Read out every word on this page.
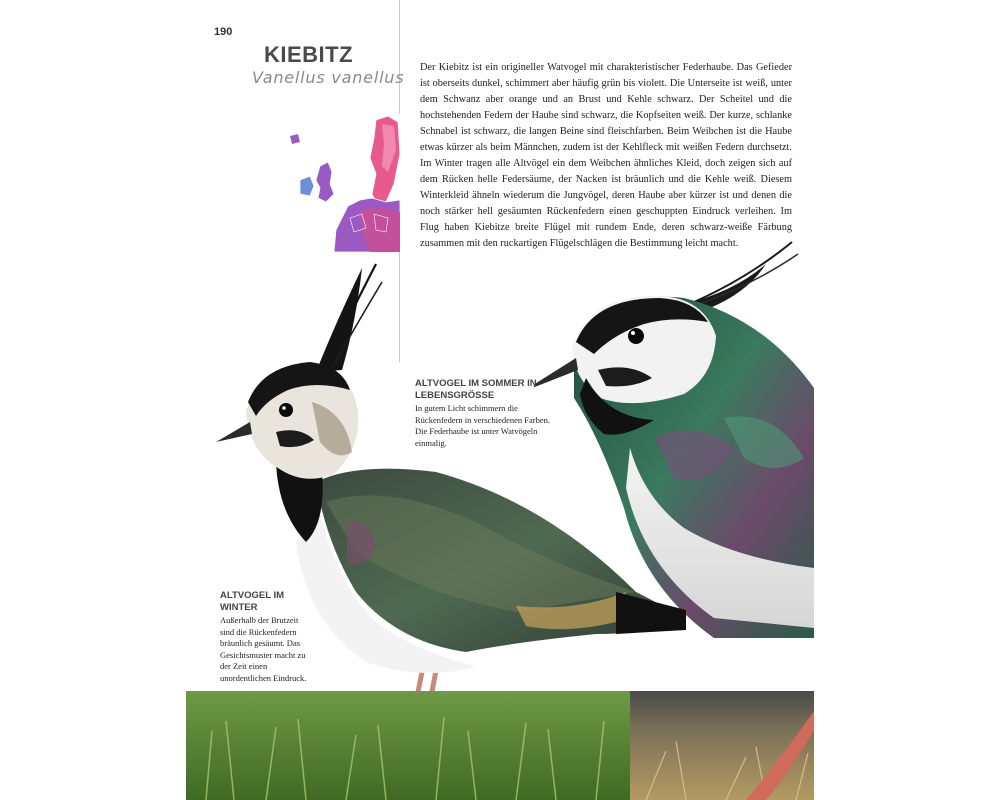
190
KIEBITZ
Vanellus vanellus

Der Kiebitz ist ein origineller Watvogel mit charakteristischer Federhaube. Das Gefieder ist oberseits dunkel, schimmert aber häufig grün bis violett. Die Unterseite ist weiß, unter dem Schwanz aber orange und an Brust und Kehle schwarz. Der Scheitel und die hochstehenden Federn der Haube sind schwarz, die Kopfseiten weiß. Der kurze, schlanke Schnabel ist schwarz, die langen Beine sind fleischfarben. Beim Weibchen ist die Haube etwas kürzer als beim Männchen, zudem ist der Kehlfleck mit weißen Federn durchsetzt. Im Winter tragen alle Altvögel ein dem Weibchen ähnliches Kleid, doch zeigen sich auf dem Rücken helle Federsäume, der Nacken ist bräunlich und die Kehle weiß. Diesem Winterkleid ähneln wiederum die Jungvögel, deren Haube aber kürzer ist und denen die noch stärker hell gesäumten Rückenfedern einen geschuppten Eindruck verleihen. Im Flug haben Kiebitze breite Flügel mit rundem Ende, deren schwarz-weiße Färbung zusammen mit den ruckartigen Flügelschlägen die Bestimmung leicht macht.

ALTVOGEL IM SOMMER IN LEBENSGRÖSSE
In gutem Licht schimmern die Rückenfedern in verschiedenen Farben. Die Federhaube ist unter Watvögeln einmalig.
ALTVOGEL IM WINTER
Außerhalb der Brutzeit sind die Rückenfedern bräunlich gesäumt. Das Gesichtsmuster macht zu der Zeit einen unordentlichen Eindruck.
